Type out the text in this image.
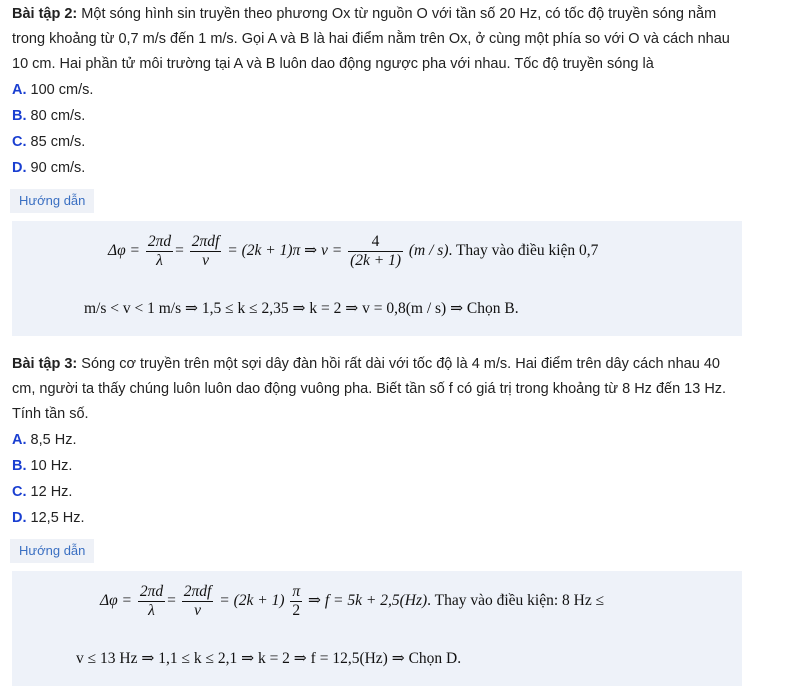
Bài tập 2: Một sóng hình sin truyền theo phương Ox từ nguồn O với tần số 20 Hz, có tốc độ truyền sóng nằm trong khoảng từ 0,7 m/s đến 1 m/s. Gọi A và B là hai điểm nằm trên Ox, ở cùng một phía so với O và cách nhau 10 cm. Hai phần tử môi trường tại A và B luôn dao động ngược pha với nhau. Tốc độ truyền sóng là

A. 100 cm/s.
B. 80 cm/s.
C. 85 cm/s.
D. 90 cm/s.
Hướng dẫn
$\Delta\varphi = \frac{2\pi d}{\lambda} = \frac{\text{2πdf}}{v} = (2k + 1)\pi$ ⇒ $v = \frac{4}{(2k + 1)} (m / s)$. Thay vào điều kiện 0,7
m/s < v < 1 m/s ⇒ 1,5 ≤ k ≤ 2,35 ⇒ k = 2 ⇒ v = 0,8(m / s) ⇒ Chọn B.

Bài tập 3: Sóng cơ truyền trên một sợi dây đàn hồi rất dài với tốc độ là 4 m/s. Hai điểm trên dây cách nhau 40 cm, người ta thấy chúng luôn luôn dao động vuông pha. Biết tần số f có giá trị trong khoảng từ 8 Hz đến 13 Hz. Tính tần số.

A. 8,5 Hz.
B. 10 Hz.
C. 12 Hz.
D. 12,5 Hz.
Hướng dẫn
$\Delta\varphi = \frac{2\pi d}{\lambda} = \frac{\text{2πdf}}{v} = (2k + 1) \frac{\pi}{2}$ ⇒ f = 5k + 2,5(Hz). Thay vào điều kiện: 8 Hz ≤
v ≤ 13 Hz ⇒ 1,1 ≤ k ≤ 2,1 ⇒ k = 2 ⇒ f = 12,5(Hz) ⇒ Chọn D.
